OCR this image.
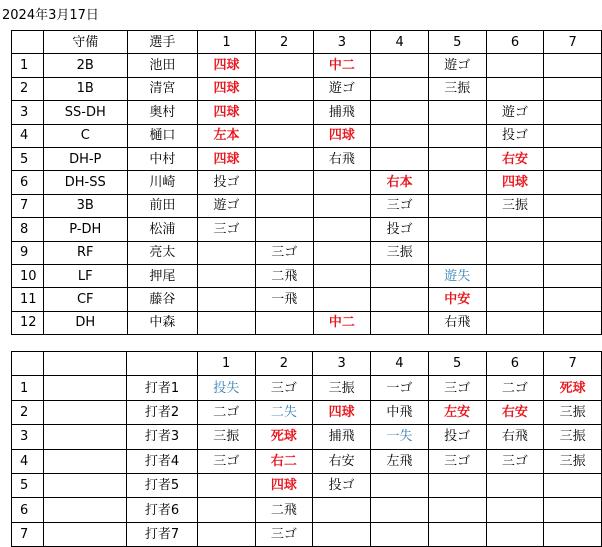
2024年3月17日
	守備	選手	1	2	3	4	5	6	7
1	2B	池田	四球		中二		遊ゴ		
2	1B	清宮	四球		遊ゴ		三振		
3	SS-DH	奥村	四球		捕飛			遊ゴ	
4	C	樋口	左本		四球			投ゴ	
5	DH-P	中村	四球		右飛			右安	
6	DH-SS	川崎	投ゴ			右本		四球	
7	3B	前田	遊ゴ			三ゴ		三振	
8	P-DH	松浦	三ゴ			投ゴ			
9	RF	亮太		三ゴ		三振			
10	LF	押尾		二飛			遊失		
11	CF	藤谷		一飛			中安		
12	DH	中森			中二		右飛		
			1	2	3	4	5	6	7
1		打者1	投失	三ゴ	三振	一ゴ	三ゴ	二ゴ	死球
2		打者2	二ゴ	二失	四球	中飛	左安	右安	三振
3		打者3	三振	死球	捕飛	一失	投ゴ	右飛	三振
4		打者4	三ゴ	右二	右安	左飛	三ゴ	三ゴ	三振
5		打者5		四球	投ゴ				
6		打者6		二飛					
7		打者7		三ゴ					
